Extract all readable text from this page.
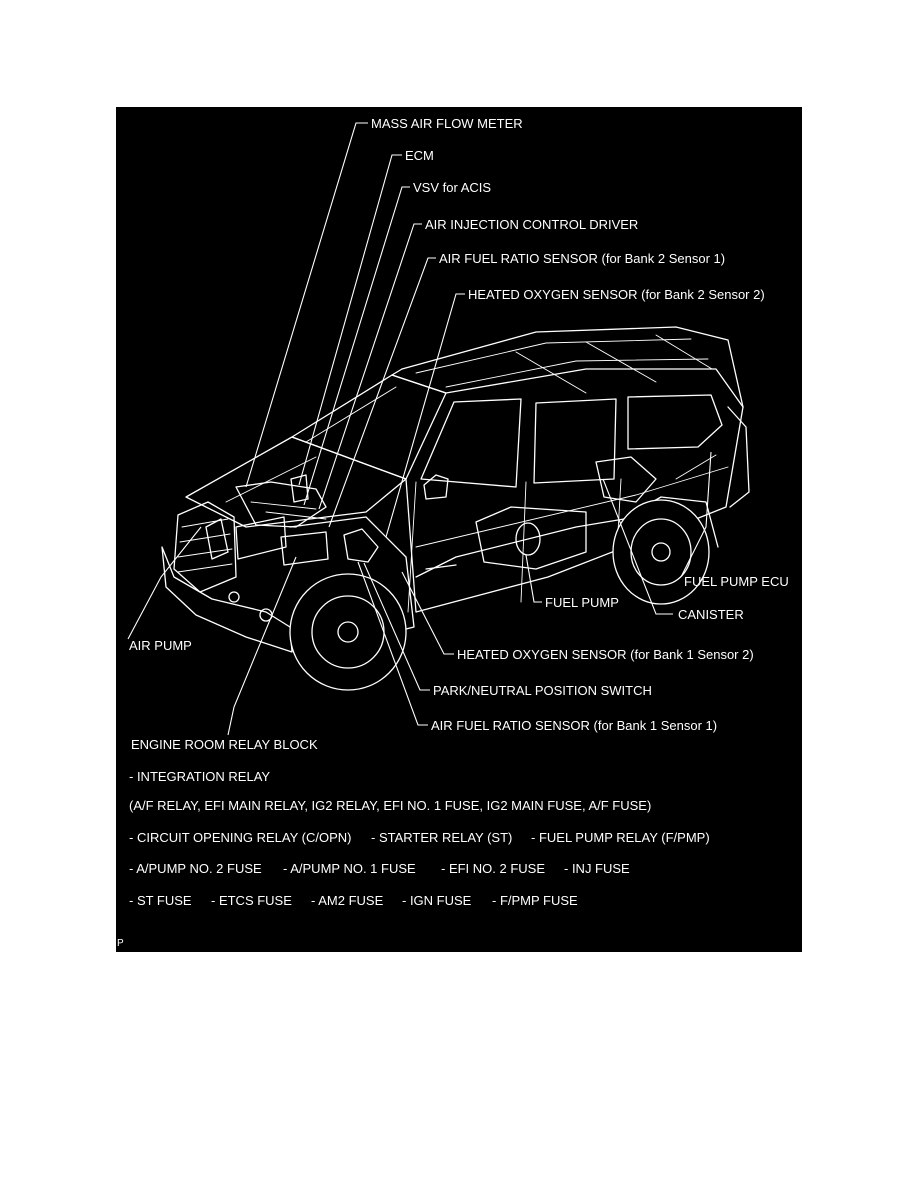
MASS AIR FLOW METER
ECM
VSV for ACIS
AIR INJECTION CONTROL DRIVER
AIR FUEL RATIO SENSOR (for Bank 2 Sensor 1)
HEATED OXYGEN SENSOR (for Bank 2 Sensor 2)
FUEL PUMP ECU
CANISTER
FUEL PUMP
AIR PUMP
HEATED OXYGEN SENSOR (for Bank 1 Sensor 2)
PARK/NEUTRAL POSITION SWITCH
AIR FUEL RATIO SENSOR (for Bank 1 Sensor 1)
ENGINE ROOM RELAY BLOCK
- INTEGRATION RELAY
(A/F RELAY, EFI MAIN RELAY, IG2 RELAY, EFI NO. 1 FUSE, IG2 MAIN FUSE, A/F FUSE)
- CIRCUIT OPENING RELAY (C/OPN) - STARTER RELAY (ST) - FUEL PUMP RELAY (F/PMP)
- A/PUMP NO. 2 FUSE - A/PUMP NO. 1 FUSE - EFI NO. 2 FUSE - INJ FUSE
- ST FUSE - ETCS FUSE - AM2 FUSE - IGN FUSE - F/PMP FUSE
P
